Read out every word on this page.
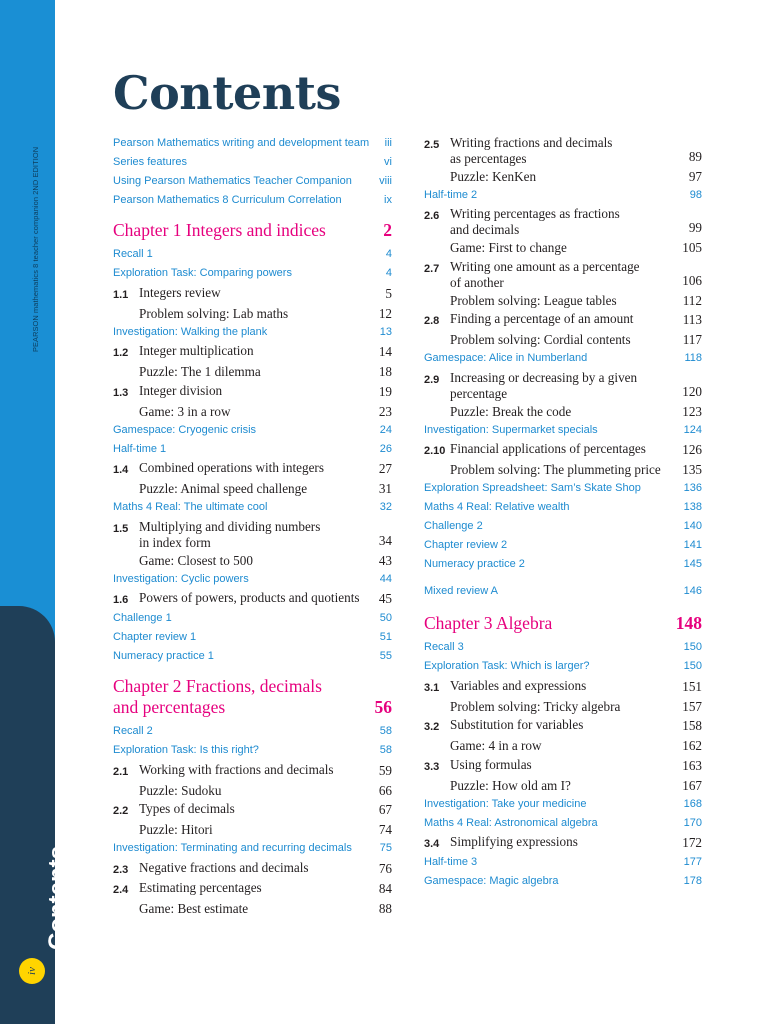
PEARSON mathematics 8 teacher companion 2ND EDITION
Contents
iv
Contents
Pearson Mathematics writing and development team	iii
Series features	vi
Using Pearson Mathematics Teacher Companion	viii
Pearson Mathematics 8 Curriculum Correlation	ix
Chapter 1 Integers and indices	2
Recall 1	4
Exploration Task: Comparing powers	4
1.1 Integers review	5
Problem solving: Lab maths	12
Investigation: Walking the plank	13
1.2 Integer multiplication	14
Puzzle: The 1 dilemma	18
1.3 Integer division	19
Game: 3 in a row	23
Gamespace: Cryogenic crisis	24
Half-time 1	26
1.4 Combined operations with integers	27
Puzzle: Animal speed challenge	31
Maths 4 Real: The ultimate cool	32
1.5 Multiplying and dividing numbers in index form	34
Game: Closest to 500	43
Investigation: Cyclic powers	44
1.6 Powers of powers, products and quotients	45
Challenge 1	50
Chapter review 1	51
Numeracy practice 1	55
Chapter 2 Fractions, decimals
and percentages	56
Recall 2	58
Exploration Task: Is this right?	58
2.1 Working with fractions and decimals	59
Puzzle: Sudoku	66
2.2 Types of decimals	67
Puzzle: Hitori	74
Investigation: Terminating and recurring decimals	75
2.3 Negative fractions and decimals	76
2.4 Estimating percentages	84
Game: Best estimate	88
2.5 Writing fractions and decimals as percentages	89
Puzzle: KenKen	97
Half-time 2	98
2.6 Writing percentages as fractions and decimals	99
Game: First to change	105
2.7 Writing one amount as a percentage of another	106
Problem solving: League tables	112
2.8 Finding a percentage of an amount	113
Problem solving: Cordial contents	117
Gamespace: Alice in Numberland	118
2.9 Increasing or decreasing by a given percentage	120
Puzzle: Break the code	123
Investigation: Supermarket specials	124
2.10 Financial applications of percentages	126
Problem solving: The plummeting price	135
Exploration Spreadsheet: Sam’s Skate Shop	136
Maths 4 Real: Relative wealth	138
Challenge 2	140
Chapter review 2	141
Numeracy practice 2	145
Mixed review A	146
Chapter 3 Algebra	148
Recall 3	150
Exploration Task: Which is larger?	150
3.1 Variables and expressions	151
Problem solving: Tricky algebra	157
3.2 Substitution for variables	158
Game: 4 in a row	162
3.3 Using formulas	163
Puzzle: How old am I?	167
Investigation: Take your medicine	168
Maths 4 Real: Astronomical algebra	170
3.4 Simplifying expressions	172
Half-time 3	177
Gamespace: Magic algebra	178
